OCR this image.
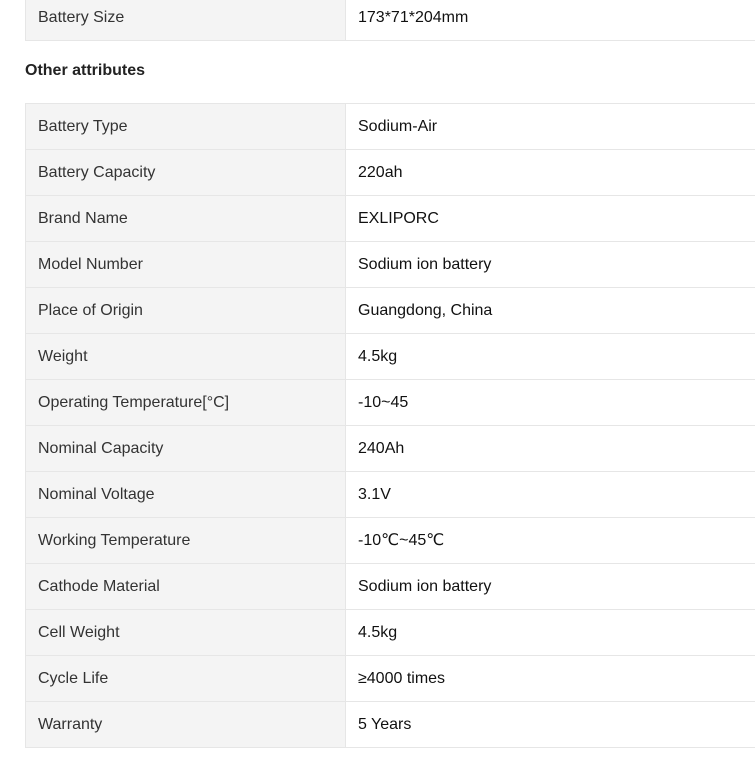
Battery Size	173*71*204mm
Other attributes
Battery Type	Sodium-Air
Battery Capacity	220ah
Brand Name	EXLIPORC
Model Number	Sodium ion battery
Place of Origin	Guangdong, China
Weight	4.5kg
Operating Temperature[°C]	-10~45
Nominal Capacity	240Ah
Nominal Voltage	3.1V
Working Temperature	-10℃~45℃
Cathode Material	Sodium ion battery
Cell Weight	4.5kg
Cycle Life	≥4000 times
Warranty	5 Years
